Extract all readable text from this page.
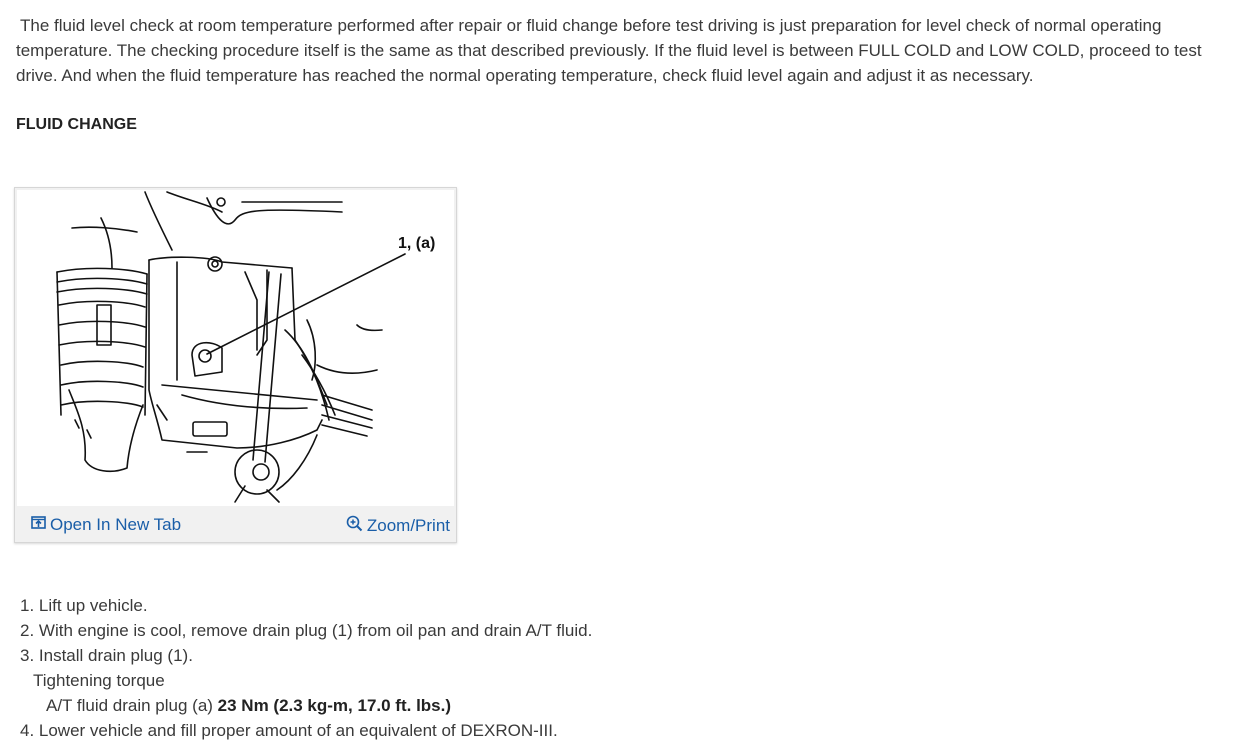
The fluid level check at room temperature performed after repair or fluid change before test driving is just preparation for level check of normal operating temperature. The checking procedure itself is the same as that described previously. If the fluid level is between FULL COLD and LOW COLD, proceed to test drive. And when the fluid temperature has reached the normal operating temperature, check fluid level again and adjust it as necessary.

FLUID CHANGE
1, (a)
Open In New Tab	Zoom/Print
1. Lift up vehicle.
2. With engine is cool, remove drain plug (1) from oil pan and drain A/T fluid.
3. Install drain plug (1).
Tightening torque
A/T fluid drain plug (a) 23 Nm (2.3 kg-m, 17.0 ft. lbs.)
4. Lower vehicle and fill proper amount of an equivalent of DEXRON-III.
